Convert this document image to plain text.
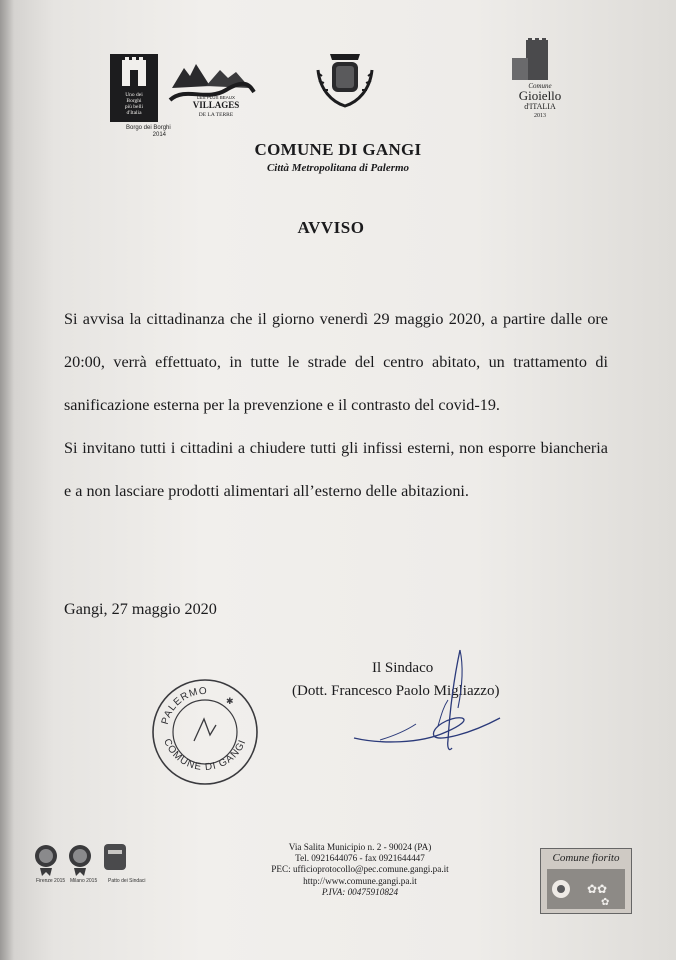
Uno dei
Borghi
più belli
d'Italia
Borgo dei Borghi
2014
LES PLUS BEAUX
VILLAGES
DE LA TERRE
Comune
Gioiello
d'ITALIA
2013
COMUNE DI GANGI
Città Metropolitana di Palermo
AVVISO

Si avvisa la cittadinanza che il giorno venerdì 29 maggio 2020, a partire dalle ore 20:00, verrà effettuato, in tutte le strade del centro abitato, un trattamento di sanificazione esterna per la prevenzione e il contrasto del covid-19.

Si invitano tutti i cittadini a chiudere tutti gli infissi esterni, non esporre biancheria e a non lasciare prodotti alimentari all’esterno delle abitazioni.

Gangi, 27 maggio 2020
Il Sindaco
(Dott. Francesco Paolo Migliazzo)
PALERMO
COMUNE DI GANGI
✱
Firenze 2015 Milano 2015 Patto dei Sindaci
Via Salita Municipio n. 2 - 90024 (PA)
Tel. 0921644076 - fax 0921644447
PEC: ufficioprotocollo@pec.comune.gangi.pa.it
http://www.comune.gangi.pa.it
P.IVA: 00475910824
Comune fiorito
✿✿
✿
